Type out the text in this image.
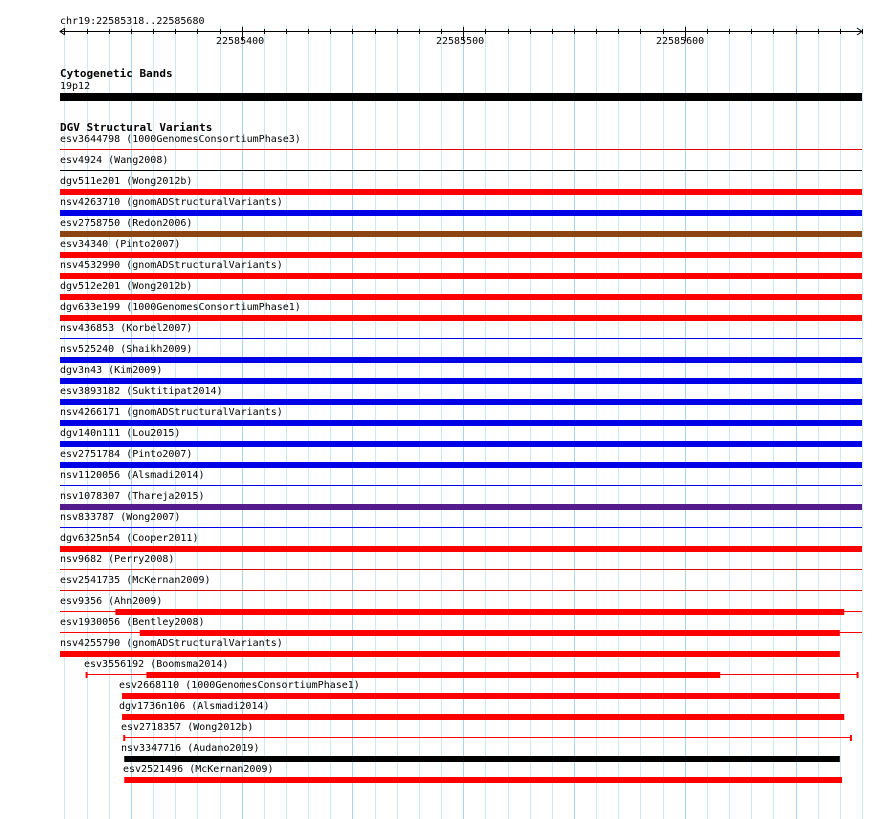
chr19:22585318..22585680
22585400	22585500	22585600
Cytogenetic Bands
19p12
DGV Structural Variants
esv3644798 (1000GenomesConsortiumPhase3)
esv4924 (Wang2008)
dgv511e201 (Wong2012b)
nsv4263710 (gnomADStructuralVariants)
esv2758750 (Redon2006)
esv34340 (Pinto2007)
nsv4532990 (gnomADStructuralVariants)
dgv512e201 (Wong2012b)
dgv633e199 (1000GenomesConsortiumPhase1)
nsv436853 (Korbel2007)
nsv525240 (Shaikh2009)
dgv3n43 (Kim2009)
esv3893182 (Suktitipat2014)
nsv4266171 (gnomADStructuralVariants)
dgv140n111 (Lou2015)
esv2751784 (Pinto2007)
nsv1120056 (Alsmadi2014)
nsv1078307 (Thareja2015)
nsv833787 (Wong2007)
dgv6325n54 (Cooper2011)
nsv9682 (Perry2008)
esv2541735 (McKernan2009)
esv9356 (Ahn2009)
esv1930056 (Bentley2008)
nsv4255790 (gnomADStructuralVariants)
esv3556192 (Boomsma2014)
esv2668110 (1000GenomesConsortiumPhase1)
dgv1736n106 (Alsmadi2014)
esv2718357 (Wong2012b)
nsv3347716 (Audano2019)
esv2521496 (McKernan2009)
